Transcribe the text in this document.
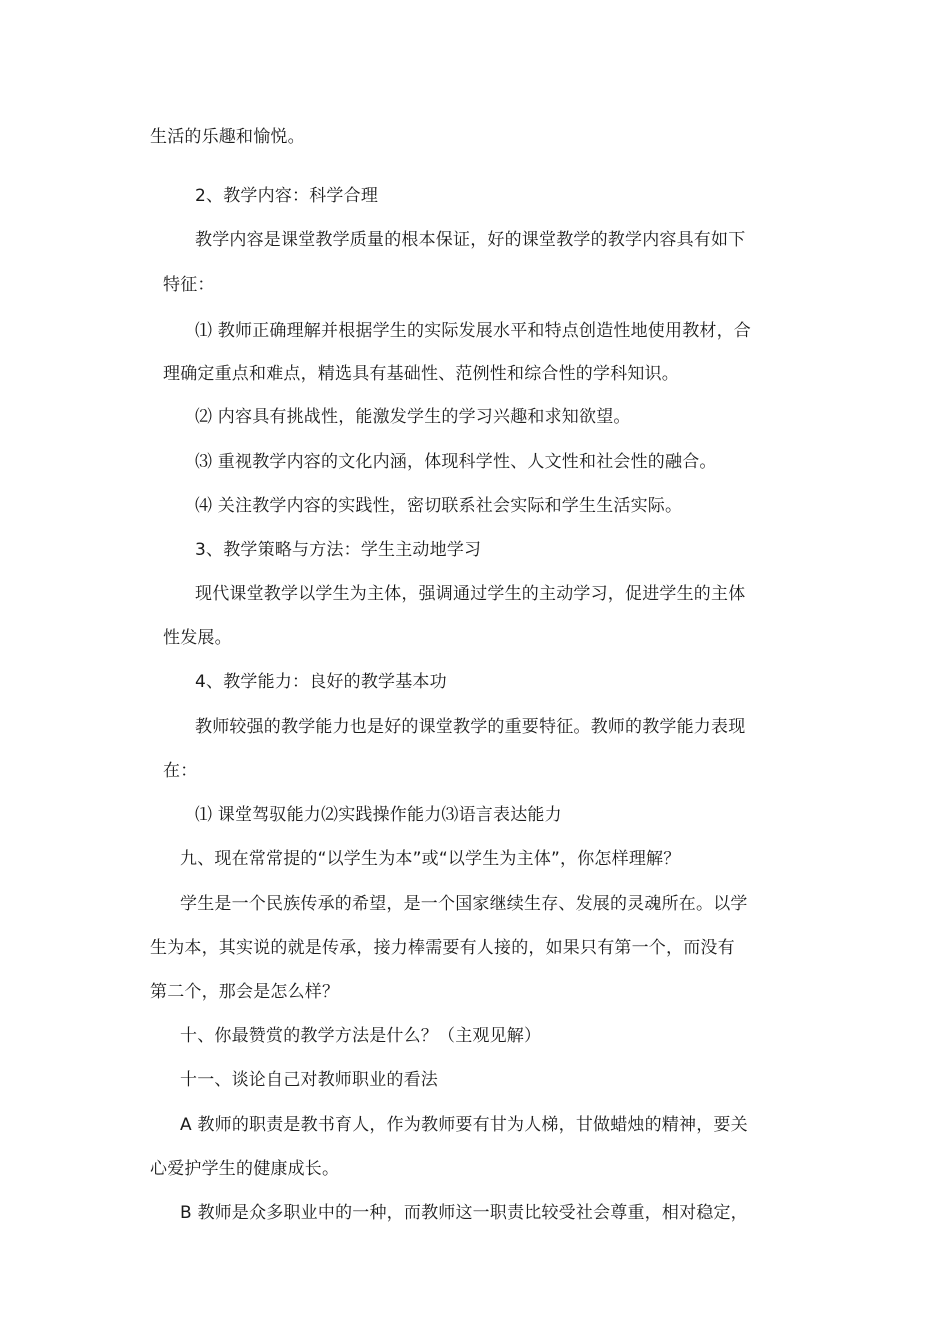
生活的乐趣和愉悦。
2、教学内容：科学合理
教学内容是课堂教学质量的根本保证，好的课堂教学的教学内容具有如下
特征：
⑴ 教师正确理解并根据学生的实际发展水平和特点创造性地使用教材，合
理确定重点和难点，精选具有基础性、范例性和综合性的学科知识。
⑵ 内容具有挑战性，能激发学生的学习兴趣和求知欲望。
⑶ 重视教学内容的文化内涵，体现科学性、人文性和社会性的融合。
⑷ 关注教学内容的实践性，密切联系社会实际和学生生活实际。
3、教学策略与方法：学生主动地学习
现代课堂教学以学生为主体，强调通过学生的主动学习，促进学生的主体
性发展。
4、教学能力：良好的教学基本功
教师较强的教学能力也是好的课堂教学的重要特征。教师的教学能力表现
在：
⑴ 课堂驾驭能力⑵实践操作能力⑶语言表达能力
九、现在常常提的“以学生为本”或“以学生为主体”，你怎样理解？
学生是一个民族传承的希望，是一个国家继续生存、发展的灵魂所在。以学
生为本，其实说的就是传承，接力棒需要有人接的，如果只有第一个，而没有
第二个，那会是怎么样？
十、你最赞赏的教学方法是什么？（主观见解）
十一、谈论自己对教师职业的看法
A 教师的职责是教书育人，作为教师要有甘为人梯，甘做蜡烛的精神，要关
心爱护学生的健康成长。
B 教师是众多职业中的一种，而教师这一职责比较受社会尊重，相对稳定，
